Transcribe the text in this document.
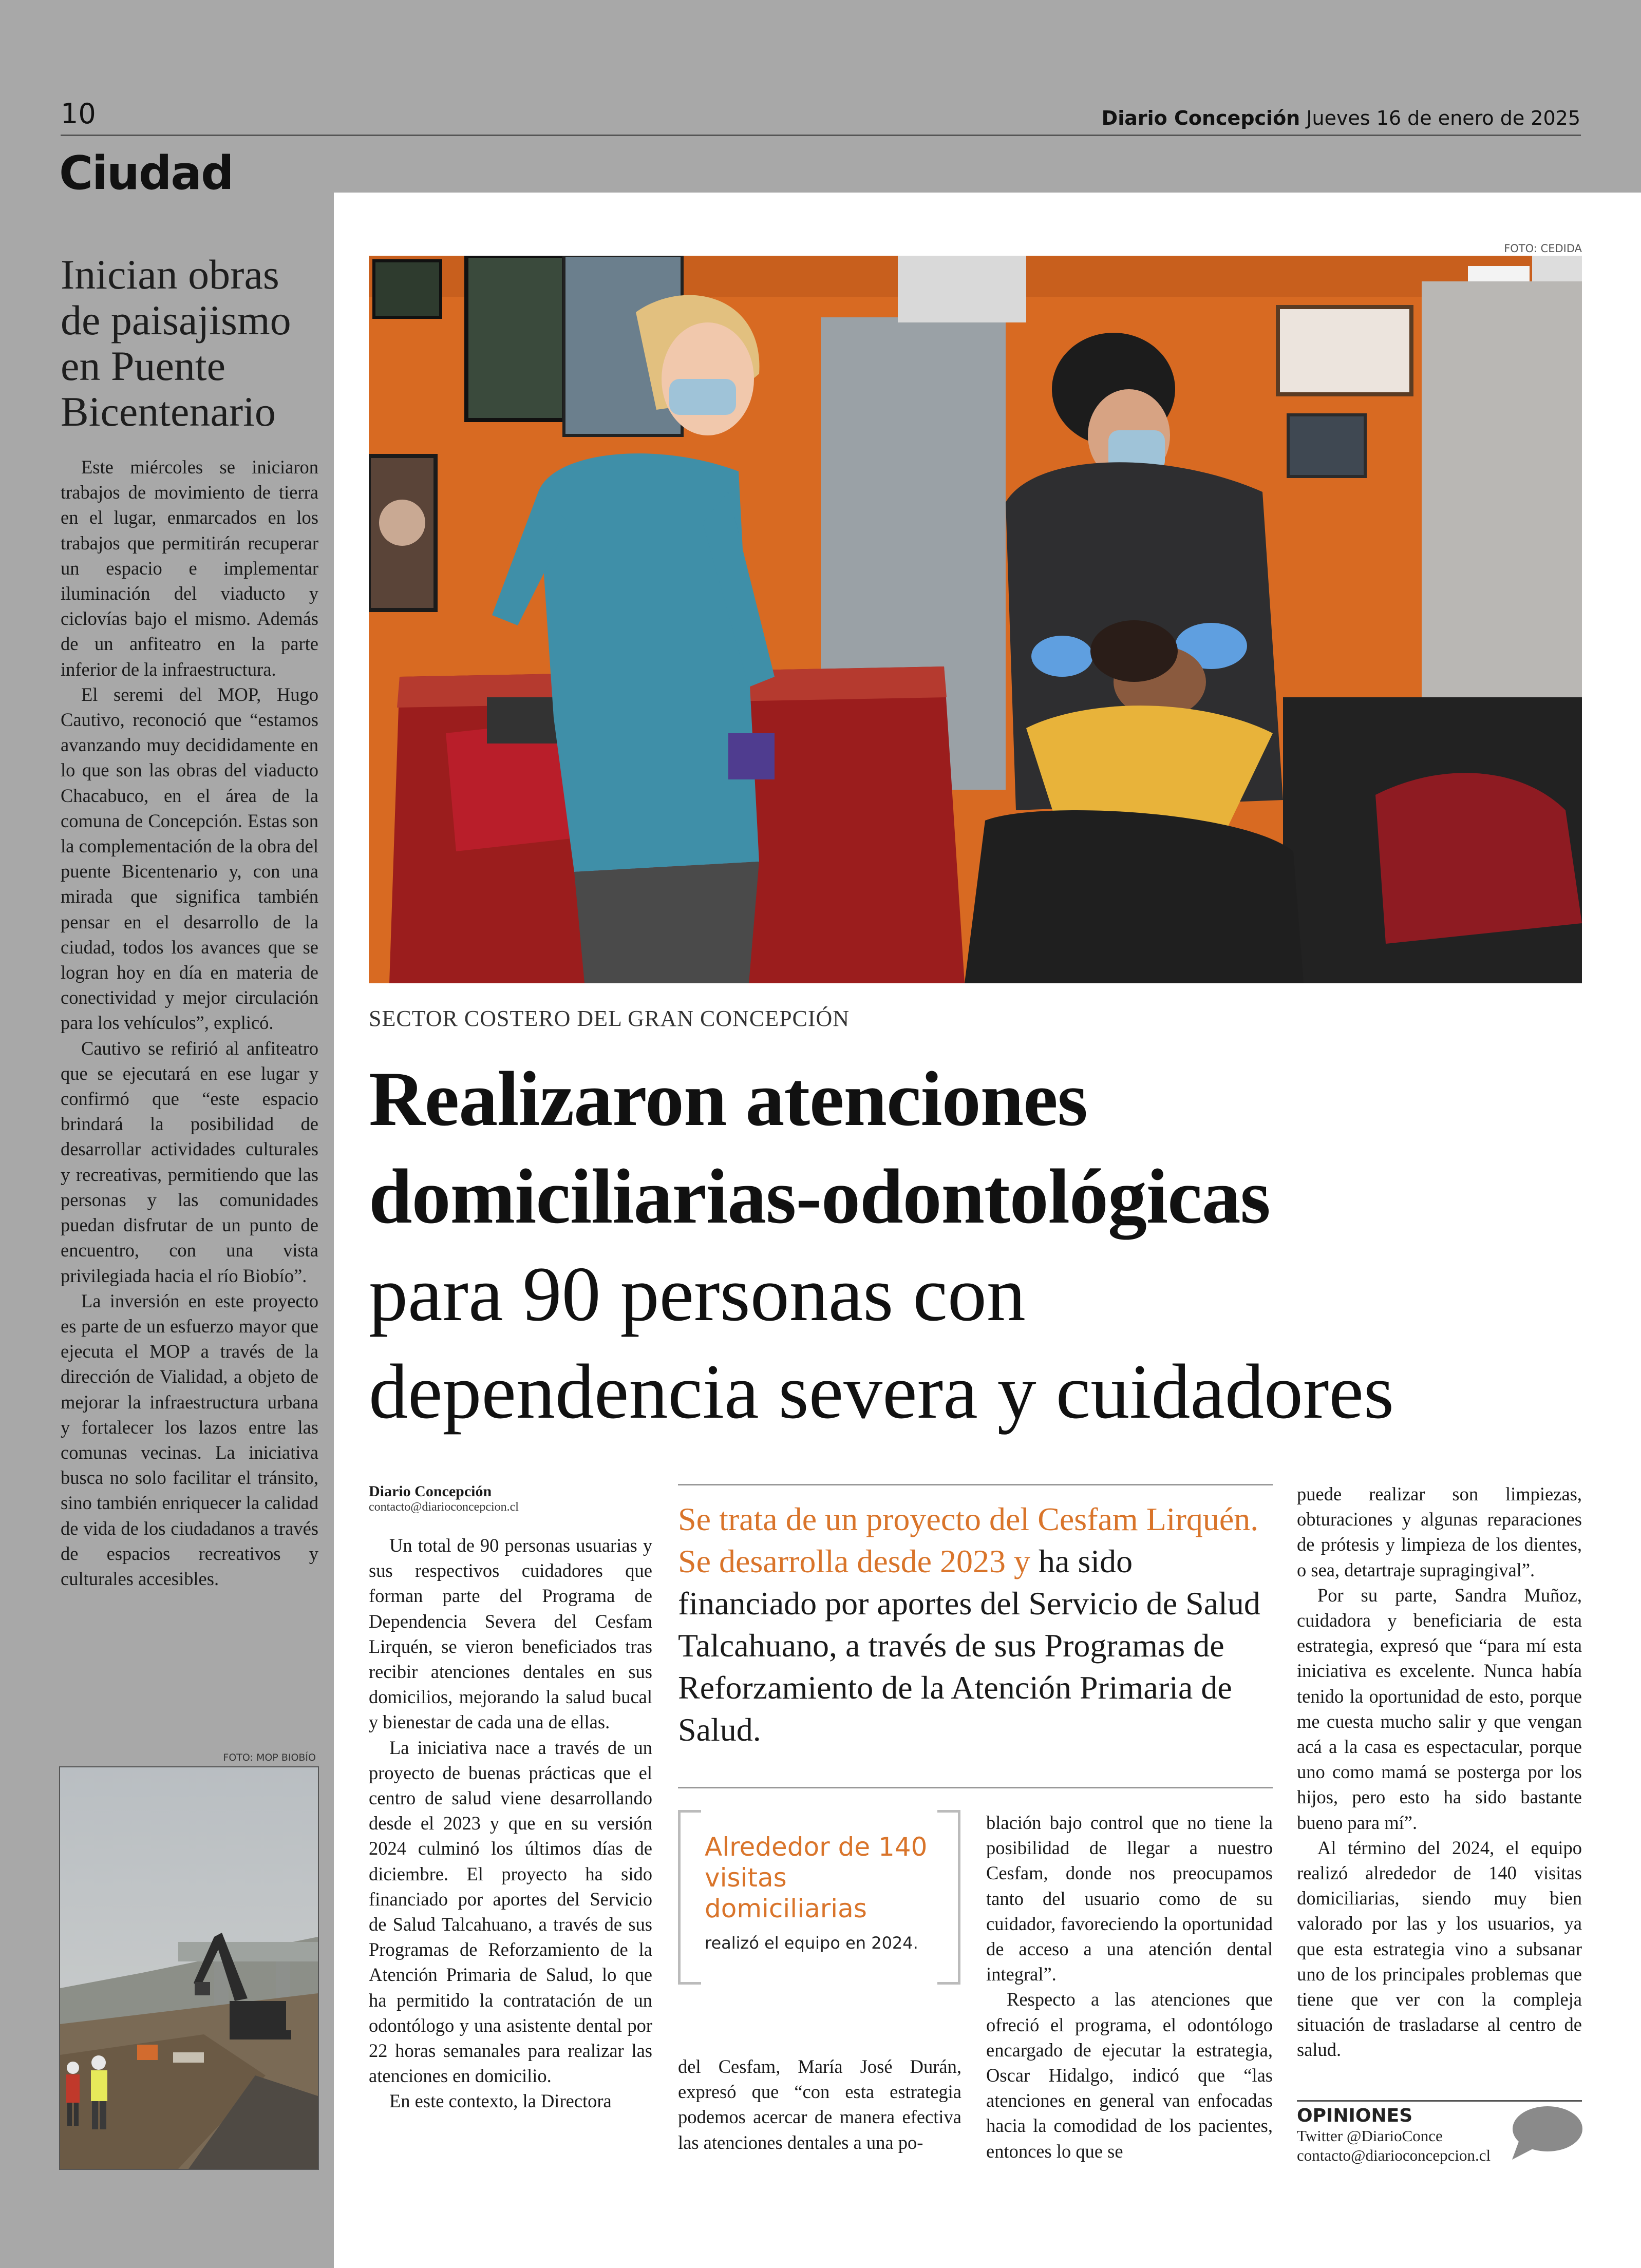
10	Diario Concepción Jueves 16 de enero de 2025
Ciudad
Inician obras de paisajismo en Puente Bicentenario

Este miércoles se iniciaron trabajos de movimiento de tierra en el lugar, enmarcados en los trabajos que permitirán recuperar un espacio e implementar iluminación del viaducto y ciclovías bajo el mismo. Además de un anfiteatro en la parte inferior de la infraestructura.

El seremi del MOP, Hugo Cautivo, reconoció que “estamos avanzando muy decididamente en lo que son las obras del viaducto Chacabuco, en el área de la comuna de Concepción. Estas son la complementación de la obra del puente Bicentenario y, con una mirada que significa también pensar en el desarrollo de la ciudad, todos los avances que se logran hoy en día en materia de conectividad y mejor circulación para los vehículos”, explicó.

Cautivo se refirió al anfiteatro que se ejecutará en ese lugar y confirmó que “este espacio brindará la posibilidad de desarrollar actividades culturales y recreativas, permitiendo que las personas y las comunidades puedan disfrutar de un punto de encuentro, con una vista privilegiada hacia el río Biobío”.

La inversión en este proyecto es parte de un esfuerzo mayor que ejecuta el MOP a través de la dirección de Vialidad, a objeto de mejorar la infraestructura urbana y fortalecer los lazos entre las comunas vecinas. La iniciativa busca no solo facilitar el tránsito, sino también enriquecer la calidad de vida de los ciudadanos a través de espacios recreativos y culturales accesibles.

FOTO: MOP BIOBÍO
FOTO: CEDIDA
SECTOR COSTERO DEL GRAN CONCEPCIÓN
Realizaron atenciones
domiciliarias-odontológicas
para 90 personas con
dependencia severa y cuidadores
Diario Concepción
contacto@diarioconcepcion.cl

Un total de 90 personas usuarias y sus respectivos cuidadores que forman parte del Programa de Dependencia Severa del Cesfam Lirquén, se vieron beneficiados tras recibir atenciones dentales en sus domicilios, mejorando la salud bucal y bienestar de cada una de ellas.

La iniciativa nace a través de un proyecto de buenas prácticas que el centro de salud viene desarrollando desde el 2023 y que en su versión 2024 culminó los últimos días de diciembre. El proyecto ha sido financiado por aportes del Servicio de Salud Talcahuano, a través de sus Programas de Reforzamiento de la Atención Primaria de Salud, lo que ha permitido la contratación de un odontólogo y una asistente dental por 22 horas semanales para realizar las atenciones en domicilio.

En este contexto, la Directora

Se trata de un proyecto del Cesfam Lirquén. Se desarrolla desde 2023 y ha sido financiado por aportes del Servicio de Salud Talcahuano, a través de sus Programas de Reforzamiento de la Atención Primaria de Salud.
Alrededor de 140 visitas domiciliarias
realizó el equipo en 2024.

del Cesfam, María José Durán, expresó que “con esta estrategia podemos acercar de manera efectiva las atenciones dentales a una po-

blación bajo control que no tiene la posibilidad de llegar a nuestro Cesfam, donde nos preocupamos tanto del usuario como de su cuidador, favoreciendo la oportunidad de acceso a una atención dental integral”.

Respecto a las atenciones que ofreció el programa, el odontólogo encargado de ejecutar la estrategia, Oscar Hidalgo, indicó que “las atenciones en general van enfocadas hacia la comodidad de los pacientes, entonces lo que se

puede realizar son limpiezas, obturaciones y algunas reparaciones de prótesis y limpieza de los dientes, o sea, detartraje supragingival”.

Por su parte, Sandra Muñoz, cuidadora y beneficiaria de esta estrategia, expresó que “para mí esta iniciativa es excelente. Nunca había tenido la oportunidad de esto, porque me cuesta mucho salir y que vengan acá a la casa es espectacular, porque uno como mamá se posterga por los hijos, pero esto ha sido bastante bueno para mí”.

Al término del 2024, el equipo realizó alrededor de 140 visitas domiciliarias, siendo muy bien valorado por las y los usuarios, ya que esta estrategia vino a subsanar uno de los principales problemas que tiene que ver con la compleja situación de trasladarse al centro de salud.

OPINIONES
Twitter @DiarioConce
contacto@diarioconcepcion.cl
